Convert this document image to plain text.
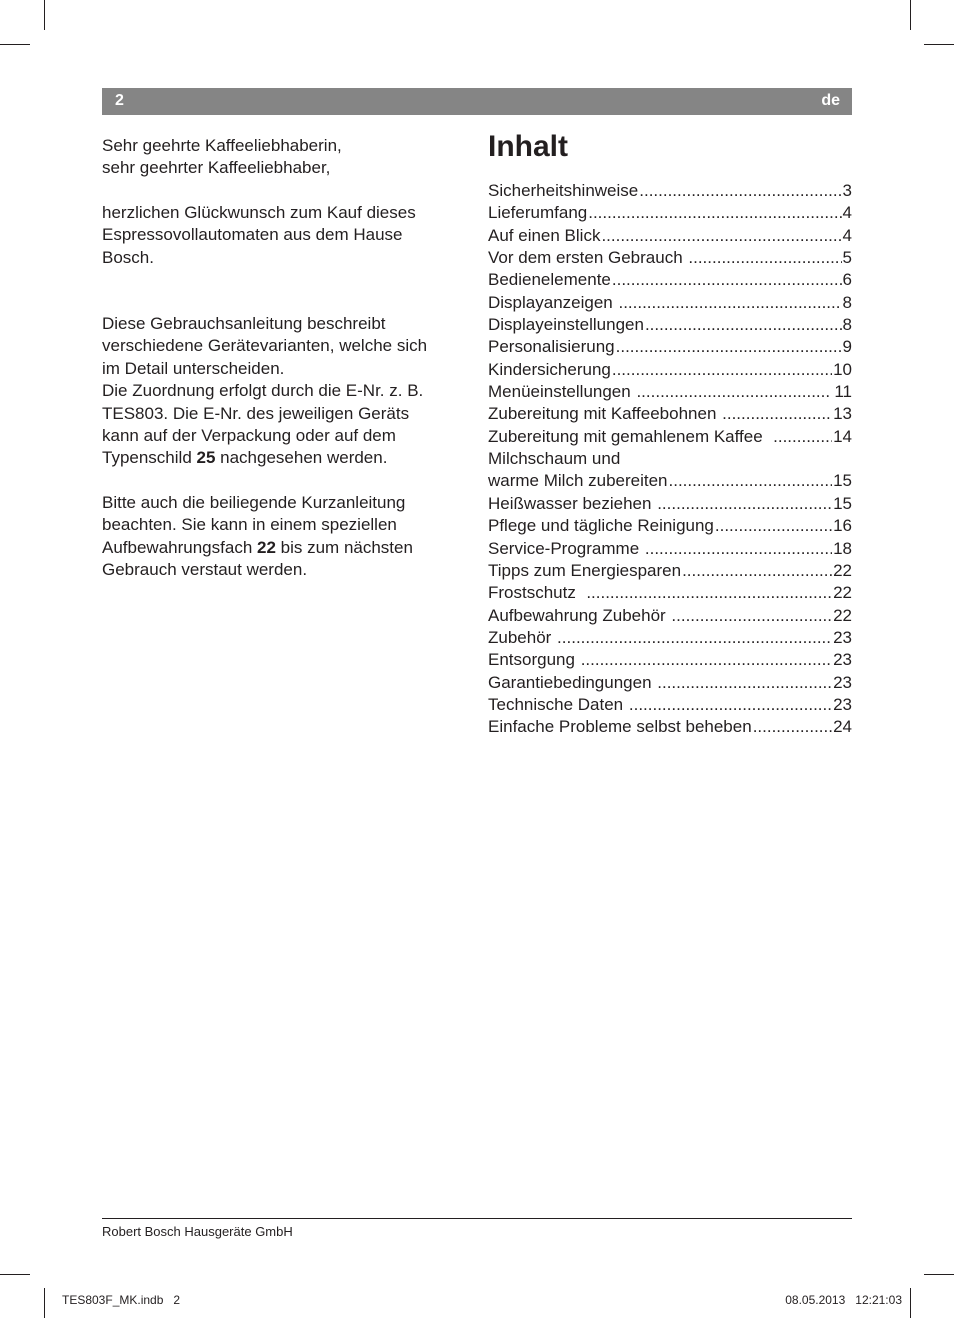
2	de

Sehr geehrte Kaffeeliebhaberin,
sehr geehrter Kaffeeliebhaber,

herzlichen Glückwunsch zum Kauf dieses
Espressovollautomaten aus dem Hause
Bosch.

Diese Gebrauchsanleitung beschreibt
verschiedene Gerätevarianten, welche sich
im Detail unterscheiden.
Die Zuordnung erfolgt durch die E-Nr. z. B.
TES803. Die E-Nr. des jeweiligen Geräts
kann auf der Verpackung oder auf dem
Typenschild 25 nachgesehen werden.

Bitte auch die beiliegende Kurzanleitung
beachten. Sie kann in einem speziellen
Aufbewahrungsfach 22 bis zum nächsten
Gebrauch verstaut werden.

Inhalt
Sicherheitshinweise .....	3
Lieferumfang .....	4
Auf einen Blick .....	4
Vor dem ersten Gebrauch .....	5
Bedienelemente .....	6
Displayanzeigen .....	8
Displayeinstellungen .....	8
Personalisierung .....	9
Kindersicherung .....	10
Menüeinstellungen .....	11
Zubereitung mit Kaffeebohnen .....	13
Zubereitung mit gemahlenem Kaffee .....	14
Milchschaum und
warme Milch zubereiten .....	15
Heißwasser beziehen .....	15
Pflege und tägliche Reinigung .....	16
Service-Programme .....	18
Tipps zum Energiesparen .....	22
Frostschutz .....	22
Aufbewahrung Zubehör .....	22
Zubehör .....	23
Entsorgung .....	23
Garantiebedingungen .....	23
Technische Daten .....	23
Einfache Probleme selbst beheben .....	24
Robert Bosch Hausgeräte GmbH
TES803F_MK.indb   2	08.05.2013   12:21:03
